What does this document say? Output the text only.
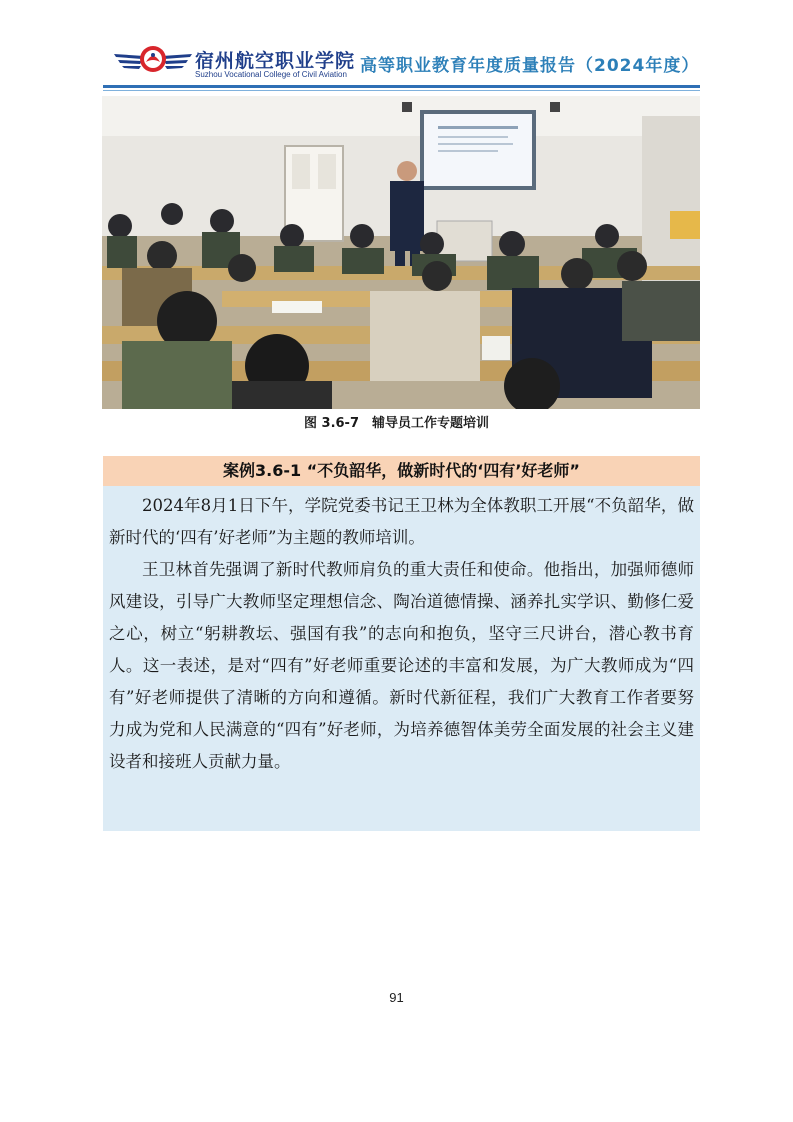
宿州航空职业学院
Suzhou Vocational College of Civil Aviation 高等职业教育年度质量报告（2024年度）
图 3.6-7　辅导员工作专题培训
案例3.6-1 “不负韶华，做新时代的‘四有’好老师”

2024年8月1日下午，学院党委书记王卫林为全体教职工开展“不负韶华，做新时代的‘四有’好老师”为主题的教师培训。

王卫林首先强调了新时代教师肩负的重大责任和使命。他指出，加强师德师风建设，引导广大教师坚定理想信念、陶冶道德情操、涵养扎实学识、勤修仁爱之心，树立“躬耕教坛、强国有我”的志向和抱负，坚守三尺讲台，潜心教书育人。这一表述，是对“四有”好老师重要论述的丰富和发展，为广大教师成为“四有”好老师提供了清晰的方向和遵循。新时代新征程，我们广大教育工作者要努力成为党和人民满意的“四有”好老师，为培养德智体美劳全面发展的社会主义建设者和接班人贡献力量。

91
